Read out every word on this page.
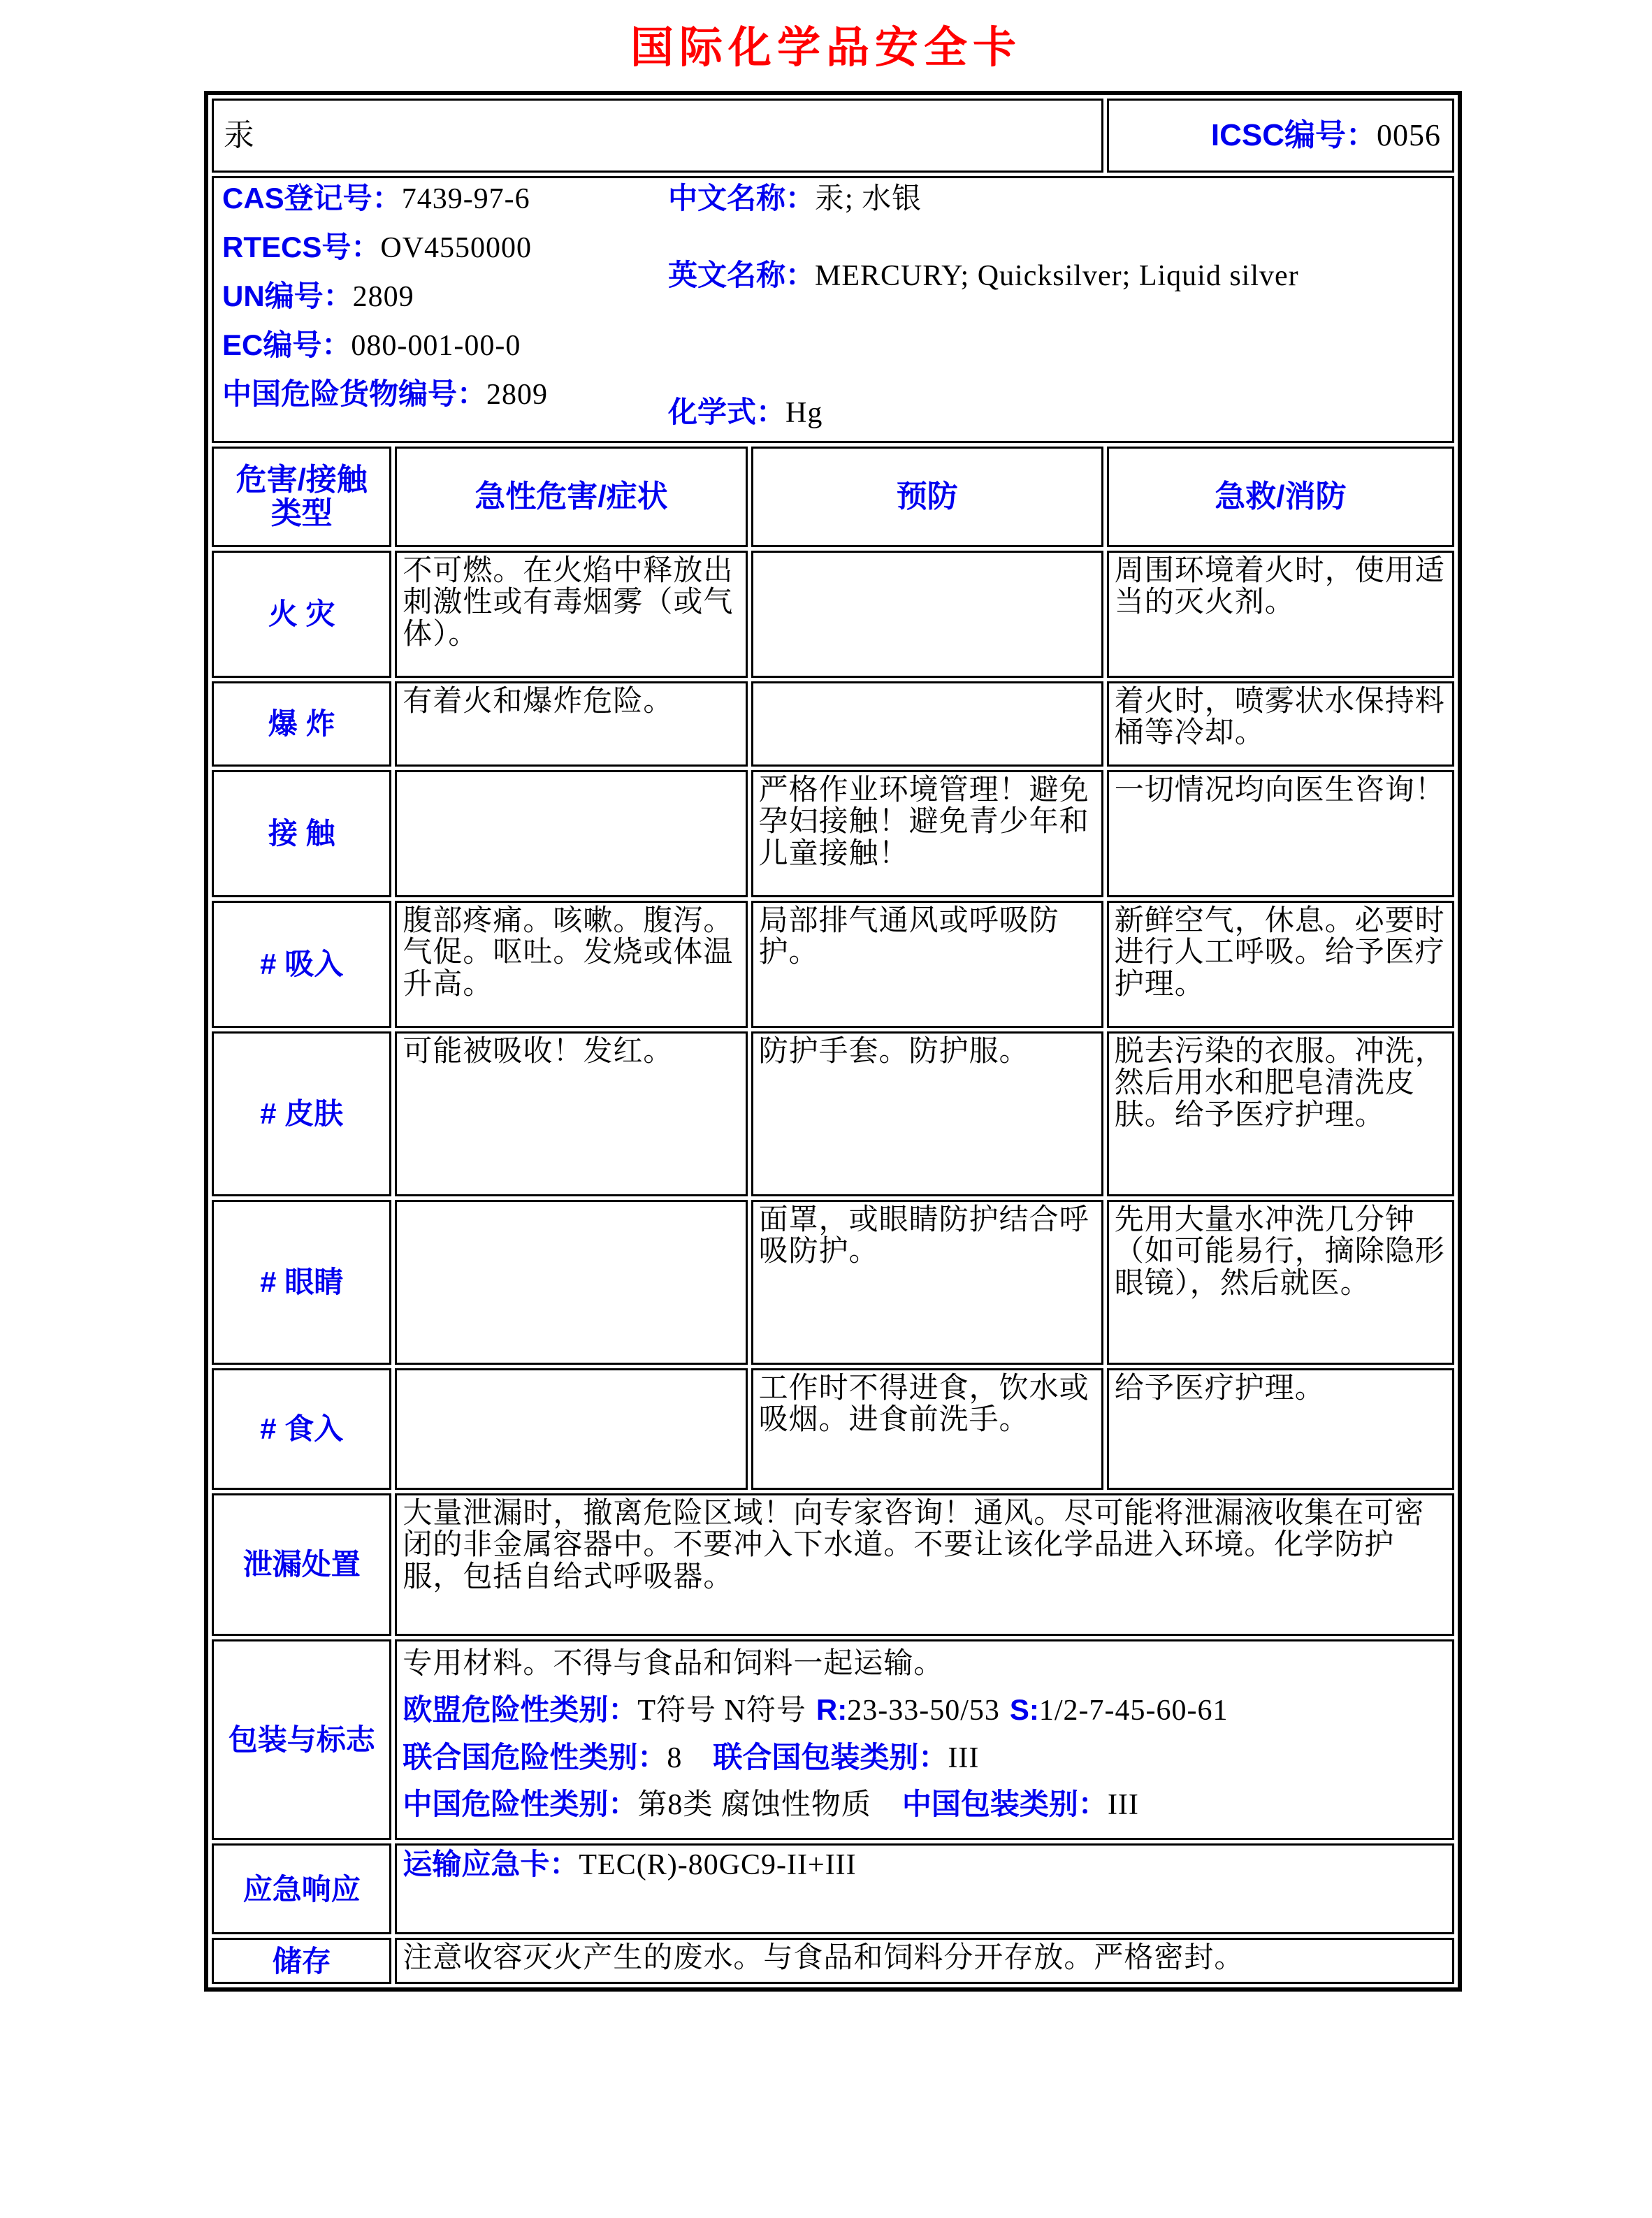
国际化学品安全卡
汞			ICSC编号：0056

CAS登记号：7439-97-6
RTECS号：OV4550000
UN编号：2809
EC编号：080-001-00-0
中国危险货物编号：2809
中文名称：汞; 水银
英文名称：MERCURY; Quicksilver; Liquid silver
化学式：Hg

危害/接触
类型	急性危害/症状	预防	急救/消防
火 灾	不可燃。在火焰中释放出刺激性或有毒烟雾（或气体）。		周围环境着火时，使用适当的灭火剂。
爆 炸	有着火和爆炸危险。		着火时，喷雾状水保持料桶等冷却。
接 触		严格作业环境管理！避免孕妇接触！避免青少年和儿童接触！	一切情况均向医生咨询！
# 吸入	腹部疼痛。咳嗽。腹泻。气促。呕吐。发烧或体温升高。	局部排气通风或呼吸防护。	新鲜空气，休息。必要时进行人工呼吸。给予医疗护理。
# 皮肤	可能被吸收！发红。	防护手套。防护服。	脱去污染的衣服。冲洗，然后用水和肥皂清洗皮肤。给予医疗护理。
# 眼睛		面罩，或眼睛防护结合呼吸防护。	先用大量水冲洗几分钟（如可能易行，摘除隐形眼镜），然后就医。
# 食入		工作时不得进食，饮水或吸烟。进食前洗手。	给予医疗护理。
泄漏处置	大量泄漏时，撤离危险区域！向专家咨询！通风。尽可能将泄漏液收集在可密闭的非金属容器中。不要冲入下水道。不要让该化学品进入环境。化学防护服，包括自给式呼吸器。		
包装与标志	专用材料。不得与食品和饲料一起运输。
欧盟危险性类别：T符号 N符号 R:23-33-50/53 S:1/2-7-45-60-61
联合国危险性类别：8 联合国包装类别：III
中国危险性类别：第8类 腐蚀性物质 中国包装类别：III		

应急响应	运输应急卡：TEC(R)-80GC9-II+III		
储存	注意收容灭火产生的废水。与食品和饲料分开存放。严格密封。		
